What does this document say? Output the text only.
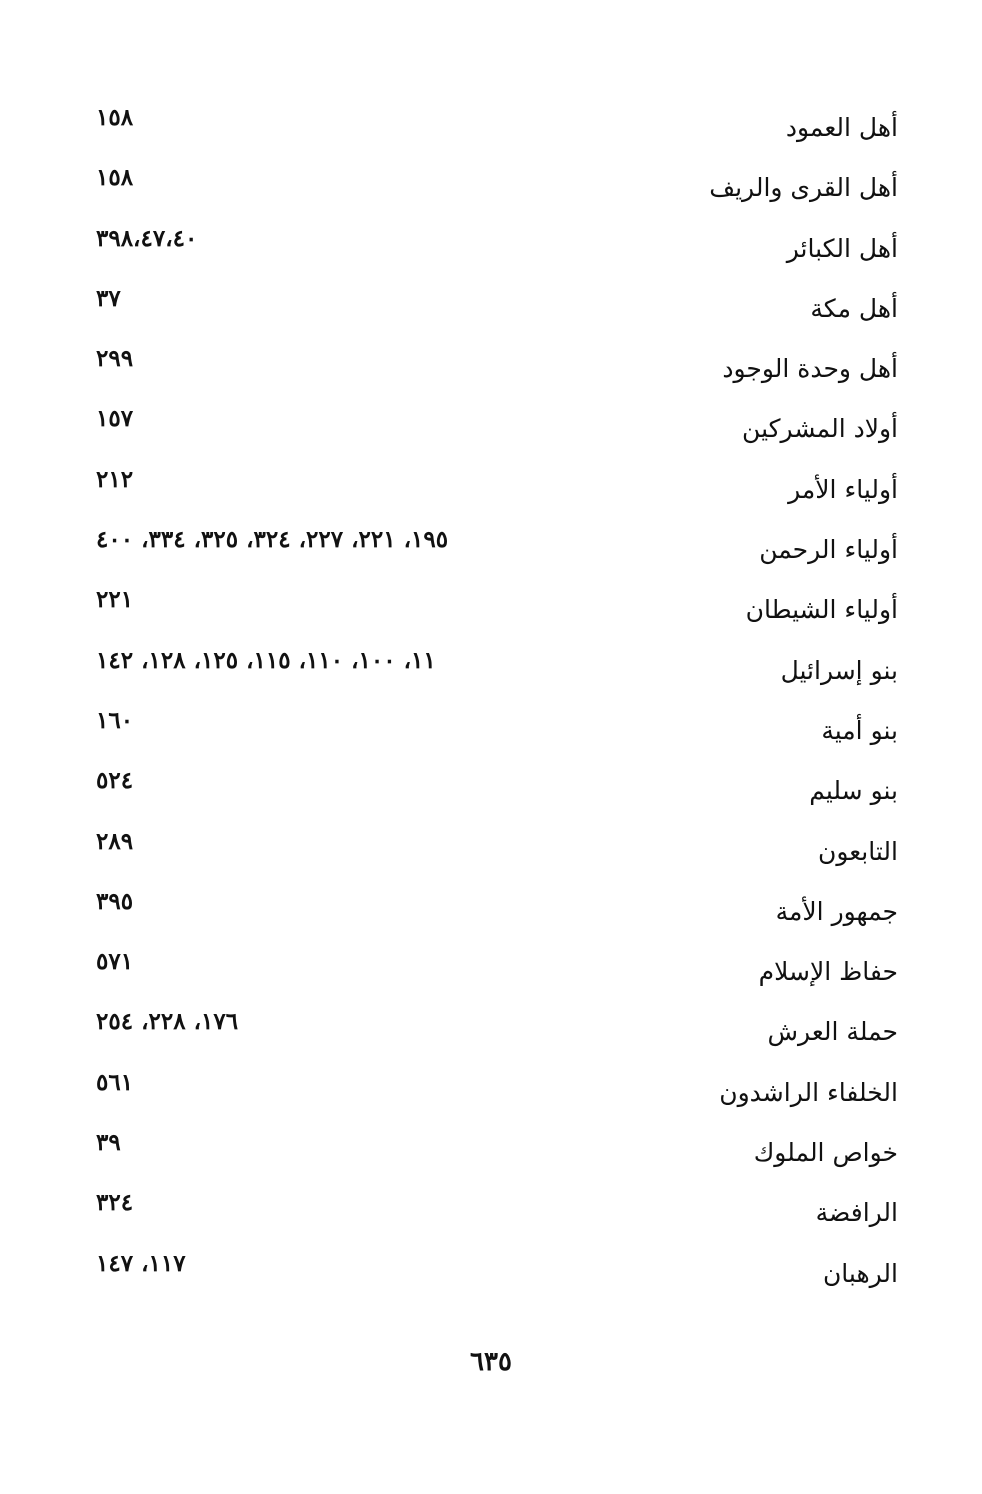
أهل العمود
١٥٨
أهل القرى والريف
١٥٨
أهل الكبائر
٣٩٨،٤٧،٤٠
أهل مكة
٣٧
أهل وحدة الوجود
٢٩٩
أولاد المشركين
١٥٧
أولياء الأمر
٢١٢
أولياء الرحمن
١٩٥، ٢٢١، ٢٢٧، ٣٢٤، ٣٢٥، ٣٣٤، ٤٠٠
أولياء الشيطان
٢٢١
بنو إسرائيل
١١، ١٠٠، ١١٠، ١١٥، ١٢٥، ١٢٨، ١٤٢
بنو أمية
١٦٠
بنو سليم
٥٢٤
التابعون
٢٨٩
جمهور الأمة
٣٩٥
حفاظ الإسلام
٥٧١
حملة العرش
١٧٦، ٢٢٨، ٢٥٤
الخلفاء الراشدون
٥٦١
خواص الملوك
٣٩
الرافضة
٣٢٤
الرهبان
١١٧، ١٤٧
٦٣٥
